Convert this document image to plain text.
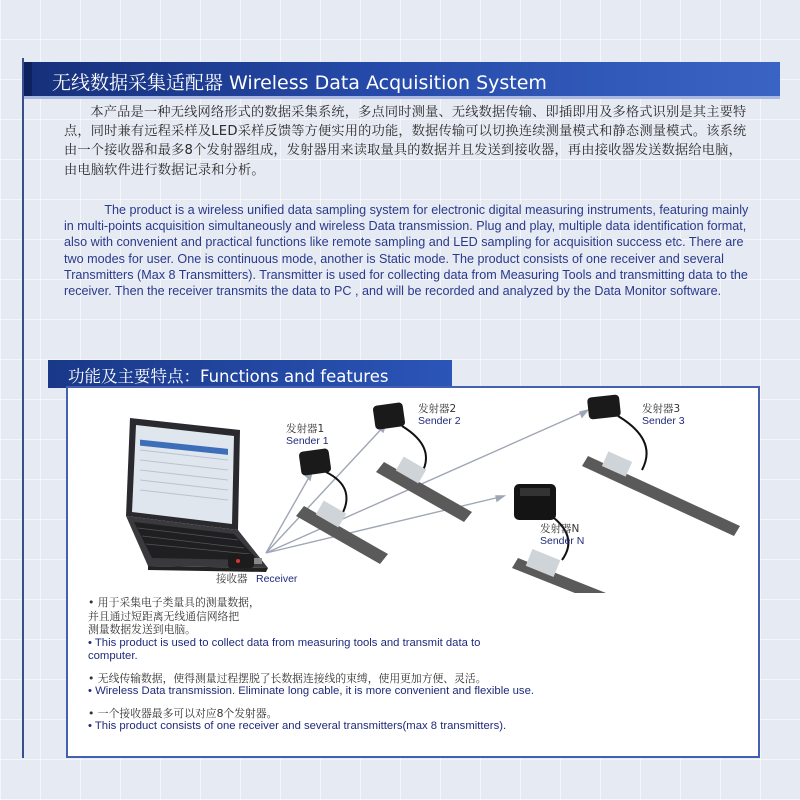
无线数据采集适配器 Wireless Data Acquisition System
本产品是一种无线网络形式的数据采集系统，多点同时测量、无线数据传输、即插即用及多格式识别是其主要特点，同时兼有远程采样及LED采样反馈等方便实用的功能，数据传输可以切换连续测量模式和静态测量模式。该系统由一个接收器和最多8个发射器组成，发射器用来读取量具的数据并且发送到接收器，再由接收器发送数据给电脑，由电脑软件进行数据记录和分析。
The product is a wireless unified data sampling system for electronic digital measuring instruments, featuring mainly in multi-points acquisition simultaneously and wireless Data transmission. Plug and play, multiple data identification format, also with convenient and practical functions like remote sampling and LED sampling for acquisition success etc. There are two modes for user. One is continuous mode, another is Static mode. The product consists of one receiver and several Transmitters (Max 8 Transmitters). Transmitter is used for collecting data from Measuring Tools and transmitting data to the receiver. Then the receiver transmits the data to PC , and will be recorded and analyzed by the Data Monitor software.
功能及主要特点：Functions and features
发射器1
Sender 1
发射器2
Sender 2
发射器3
Sender 3
发射器N
Sender N
接收器 Receiver
• 用于采集电子类量具的测量数据，
并且通过短距离无线通信网络把
测量数据发送到电脑。
• This product is used to collect data from measuring tools and transmit data to
computer.
• 无线传输数据，使得测量过程摆脱了长数据连接线的束缚，使用更加方便、灵活。
• Wireless Data transmission. Eliminate long cable, it is more convenient and flexible use.
• 一个接收器最多可以对应8个发射器。
• This product consists of one receiver and several transmitters(max 8 transmitters).
